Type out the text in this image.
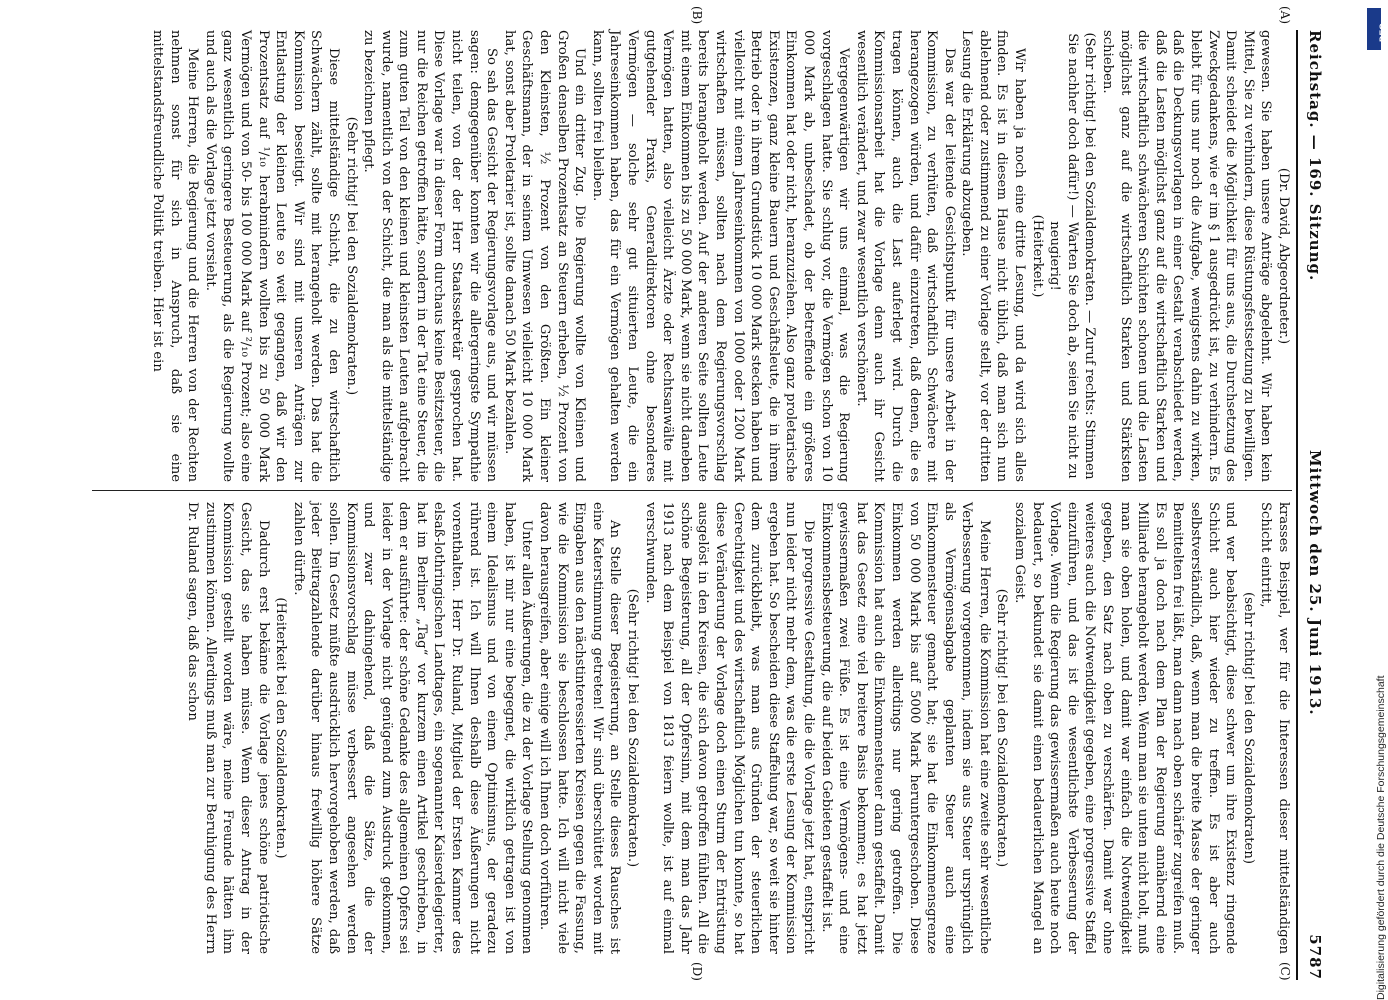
Reichstag. — 169. Sitzung.
Mittwoch den 25. Juni 1913.
5787
(A)
(B)
(C)
(D)

(Dr. David, Abgeordneter.)

gewesen. Sie haben unsere Anträge abgelehnt. Wir haben kein Mittel, Sie zu verhindern, diese Rüstungsfestsetzung zu bewilligen. Damit scheidet die Möglichkeit für uns aus, die Durchsetzung des Zweckgedankens, wie er im § 1 ausgedrückt ist, zu verhindern. Es bleibt für uns nur noch die Aufgabe, wenigstens dahin zu wirken, daß die Deckungsvorlagen in einer Gestalt verabschiedet werden, daß die Lasten möglichst ganz auf die wirtschaftlich Starken und die wirtschaftlich schwächeren Schichten schonen und die Lasten möglichst ganz auf die wirtschaftlich Starken und Stärksten schieben.

(Sehr richtig! bei den Sozialdemokraten. — Zuruf rechts: Stimmen Sie nachher doch dafür!) — Warten Sie doch ab, seien Sie nicht zu neugierig!

(Heiterkeit.)

Wir haben ja noch eine dritte Lesung, und da wird sich alles finden. Es ist in diesem Hause nicht üblich, daß man sich nun ablehnend oder zustimmend zu einer Vorlage stellt, vor der dritten Lesung die Erklärung abzugeben.

Das war der leitende Gesichtspunkt für unsere Arbeit in der Kommission, zu verhüten, daß wirtschaftlich Schwächere mit herangezogen würden, und dafür einzutreten, daß denen, die es tragen können, auch die Last auferlegt wird. Durch die Kommissionsarbeit hat die Vorlage denn auch ihr Gesicht wesentlich verändert, und zwar wesentlich verschönert.

Vergegenwärtigen wir uns einmal, was die Regierung vorgeschlagen hatte. Sie schlug vor, die Vermögen schon von 10 000 Mark ab, unbeschadet, ob der Betreffende ein größeres Einkommen hat oder nicht, heranzuziehen. Also ganz proletarische Existenzen, ganz kleine Bauern und Geschäftsleute, die in ihrem Betrieb oder in ihrem Grundstück 10 000 Mark stecken haben und vielleicht mit einem Jahreseinkommen von 1000 oder 1200 Mark wirtschaften müssen, sollten nach dem Regierungsvorschlag bereits herangeholt werden. Auf der anderen Seite sollten Leute mit einem Einkommen bis zu 50 000 Mark, wenn sie nicht daneben Vermögen hatten, also vielleicht Ärzte oder Rechtsanwälte mit gutgehender Praxis, Generaldirektoren ohne besonderes Vermögen — solche sehr gut situierten Leute, die ein Jahreseinkommen haben, das für ein Vermögen gehalten werden kann, sollten frei bleiben.

Und ein dritter Zug. Die Regierung wollte von Kleinen und Großen denselben Prozentsatz an Steuern erheben, ½ Prozent von den Kleinsten, ½ Prozent von den Größten. Ein kleiner Geschäftsmann, der in seinem Umwesen vielleicht 10 000 Mark hat, sonst aber Proletarier ist, sollte danach 50 Mark bezahlen.

So sah das Gesicht der Regierungsvorlage aus, und wir müssen sagen: demgegenüber konnten wir die allergeringste Sympathie nicht teilen, von der der Herr Staatssekretär gesprochen hat. Diese Vorlage war in dieser Form durchaus keine Besitzsteuer, die nur die Reichen getroffen hätte, sondern in der Tat eine Steuer, die zum guten Teil von den kleinen und kleinsten Leuten aufgebracht wurde, namentlich von der Schicht, die man als die mittelständige zu bezeichnen pflegt.

(Sehr richtig! bei den Sozialdemokraten.)

Diese mittelständige Schicht, die zu den wirtschaftlich Schwächern zählt, sollte mit herangeholt werden. Das hat die Kommission beseitigt. Wir sind mit unseren Anträgen zur Entlastung der kleinen Leute so weit gegangen, daß wir den Prozentsatz auf ¹/₁₀ herabmindern wollten bis zu 50 000 Mark Vermögen und von 50- bis 100 000 Mark auf ²/₁₀ Prozent; also eine ganz wesentlich geringere Besteuerung, als die Regierung wollte und auch als die Vorlage jetzt vorsieht.

Meine Herren, die Regierung und die Herren von der Rechten nehmen sonst für sich in Anspruch, daß sie eine mittelstandsfreundliche Politik treiben. Hier ist ein

krasses Beispiel, wer für die Interessen dieser mittelständigen Schicht eintritt,

(sehr richtig! bei den Sozialdemokraten)

und wer beabsichtigt, diese schwer um ihre Existenz ringende Schicht auch hier wieder zu treffen. Es ist aber auch selbstverständlich, daß, wenn man die breite Masse der geringer Bemittelten frei läßt, man dann nach oben schärfer zugreifen muß. Es soll ja doch nach dem Plan der Regierung annähernd eine Milliarde herangeholt werden. Wenn man sie unten nicht holt, muß man sie oben holen, und damit war einfach die Notwendigkeit gegeben, den Satz nach oben zu verschärfen. Damit war ohne weiteres auch die Notwendigkeit gegeben, eine progressive Staffel einzuführen, und das ist die wesentlichste Verbesserung der Vorlage. Wenn die Regierung das gewissermaßen auch heute noch bedauert, so bekundet sie damit einen bedauerlichen Mangel an sozialem Geist.

(Sehr richtig! bei den Sozialdemokraten.)

Meine Herren, die Kommission hat eine zweite sehr wesentliche Verbesserung vorgenommen, indem sie aus Steuer ursprünglich als Vermögensabgabe geplanten Steuer auch eine Einkommensteuer gemacht hat; sie hat die Einkommensgrenze von 50 000 Mark bis auf 5000 Mark heruntergeschoben. Diese Einkommen werden allerdings nur gering getroffen. Die Kommission hat auch die Einkommensteuer dann gestaffelt. Damit hat das Gesetz eine viel breitere Basis bekommen; es hat jetzt gewissermaßen zwei Füße. Es ist eine Vermögens- und eine Einkommensbesteuerung, die auf beiden Gebieten gestaffelt ist.

Die progressive Gestaltung, die die Vorlage jetzt hat, entspricht nun leider nicht mehr dem, was die erste Lesung der Kommission ergeben hat. So bescheiden diese Staffelung war, so weit sie hinter dem zurückbleibt, was man aus Gründen der steuerlichen Gerechtigkeit und des wirtschaftlich Möglichen tun konnte, so hat diese Veränderung der Vorlage doch einen Sturm der Entrüstung ausgelöst in den Kreisen, die sich davon getroffen fühlten. All die schöne Begeisterung, all der Opfersinn, mit dem man das Jahr 1913 nach dem Beispiel von 1813 feiern wollte, ist auf einmal verschwunden.

(Sehr richtig! bei den Sozialdemokraten.)

An Stelle dieser Begeisterung, an Stelle dieses Rausches ist eine Katerstimmung getreten! Wir sind überschüttet worden mit Eingaben aus den nächstinteressierten Kreisen gegen die Fassung, wie die Kommission sie beschlossen hatte. Ich will nicht viele davon herausgreifen, aber einige will ich Ihnen doch vorführen.

Unter allen Äußerungen, die zu der Vorlage Stellung genommen haben, ist mir nur eine begegnet, die wirklich getragen ist von einem Idealismus und von einem Optimismus, der geradezu rührend ist. Ich will Ihnen deshalb diese Äußerungen nicht vorenthalten. Herr Dr. Ruland, Mitglied der Ersten Kammer des elsaß-lothringischen Landtages, ein sogenannter Kaiserdelegierter, hat im Berliner „Tag“ vor kurzem einen Artikel geschrieben, in dem er ausführte: der schöne Gedanke des allgemeinen Opfers sei leider in der Vorlage nicht genügend zum Ausdruck gekommen, und zwar dahingehend, daß die Sätze, die der Kommissionsvorschlag müsse verbessert angesehen werden sollen. Im Gesetz müßte ausdrücklich hervorgehoben werden, daß jeder Beitragzahlende darüber hinaus freiwillig höhere Sätze zahlen dürfte.

(Heiterkeit bei den Sozialdemokraten.)

Dadurch erst bekäme die Vorlage jenes schöne patriotische Gesicht, das sie haben müsse. Wenn dieser Antrag in der Kommission gestellt worden wäre, meine Freunde hätten ihm zustimmen können. Allerdings muß man zur Beruhigung des Herrn Dr. Ruland sagen, daß das schon

DFG
Digitalisierung gefördert durch die Deutsche Forschungsgemeinschaft
